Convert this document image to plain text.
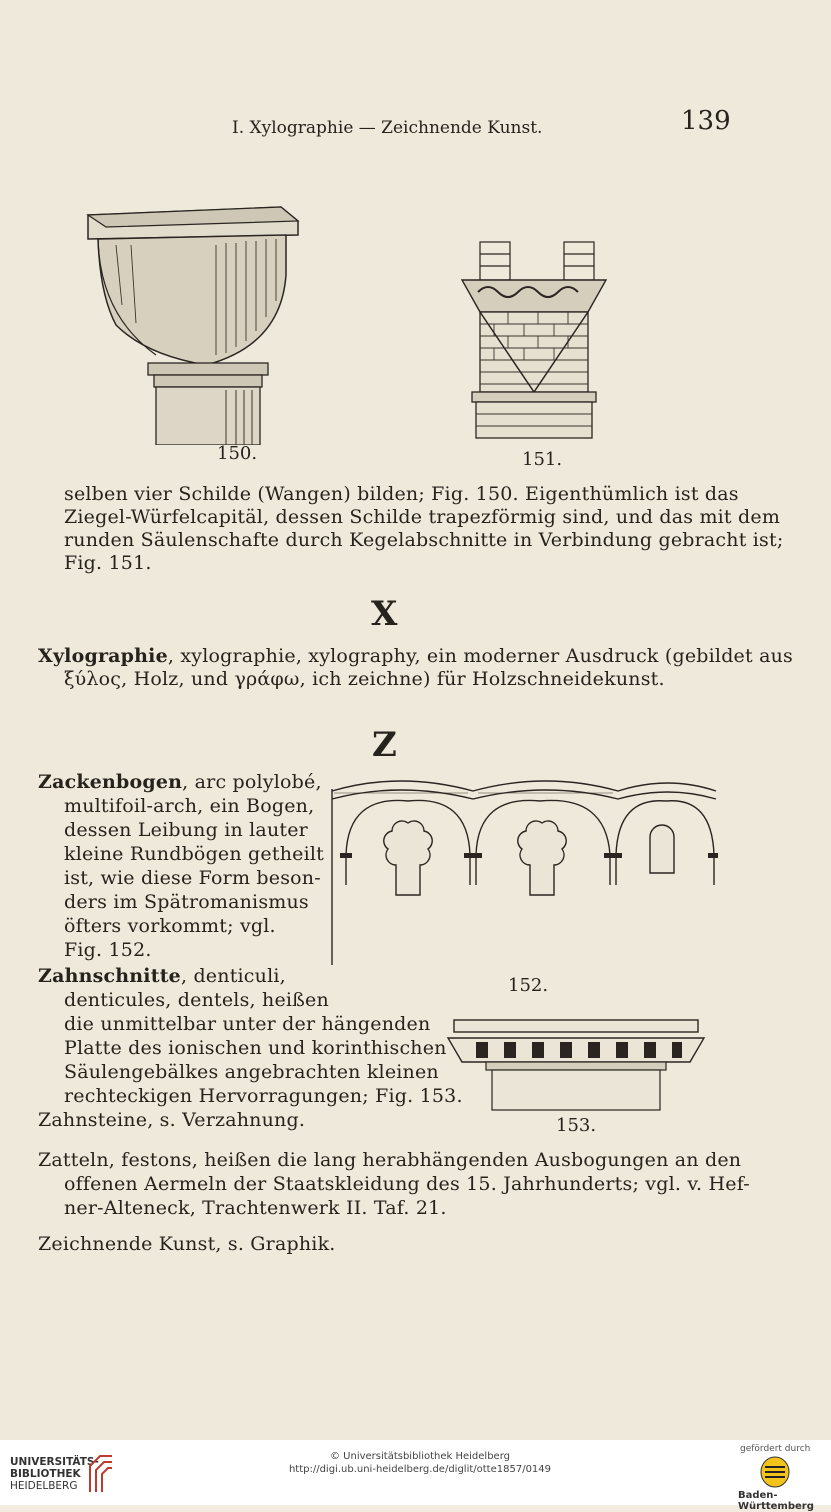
I. Xylographie — Zeichnende Kunst.	139
150.	151.
selben vier Schilde (Wangen) bilden; Fig. 150. Eigenthümlich ist das
Ziegel-Würfelcapitäl, dessen Schilde trapezförmig sind, und das mit dem
runden Säulenschafte durch Kegelabschnitte in Verbindung gebracht ist;
Fig. 151.
X
Xylographie, xylographie, xylography, ein moderner Ausdruck (gebildet aus
ξύλος, Holz, und γράφω, ich zeichne) für Holzschneidekunst.
Z
Zackenbogen, arc polylobé,
multifoil-arch, ein Bogen,
dessen Leibung in lauter
kleine Rundbögen getheilt
ist, wie diese Form beson-
ders im Spätromanismus
öfters vorkommt; vgl.
Fig. 152.
152.
Zahnschnitte, denticuli,
denticules, dentels, heißen
die unmittelbar unter der hängenden
Platte des ionischen und korinthischen
Säulengebälkes angebrachten kleinen
rechteckigen Hervorragungen; Fig. 153.
153.
Zahnsteine, s. Verzahnung.
Zatteln, festons, heißen die lang herabhängenden Ausbogungen an den
offenen Aermeln der Staatskleidung des 15. Jahrhunderts; vgl. v. Hef-
ner-Alteneck, Trachtenwerk II. Taf. 21.
Zeichnende Kunst, s. Graphik.
UNIVERSITÄTS-
BIBLIOTHEK
HEIDELBERG
© Universitätsbibliothek Heidelberg
http://digi.ub.uni-heidelberg.de/diglit/otte1857/0149
gefördert durch
Baden-Württemberg
